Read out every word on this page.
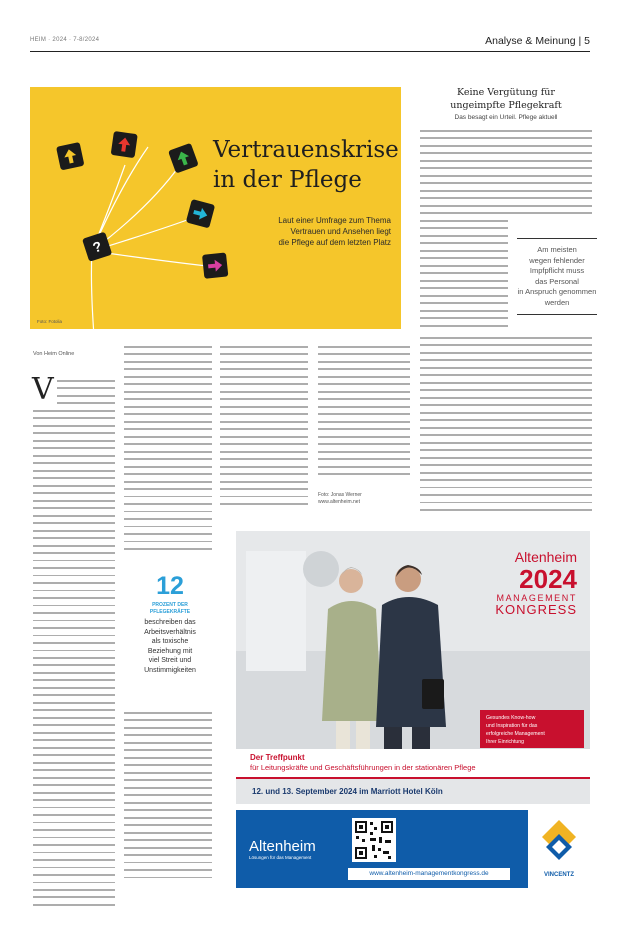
HEIM · 2024 · 7-8/2024	Analyse & Meinung | 5
?
Vertrauenskrise
in der Pflege
Laut einer Umfrage zum Thema
Vertrauen und Ansehen liegt
die Pflege auf dem letzten Platz
Foto: Fotolia
Keine Vergütung für
ungeimpfte Pflegekraft
Das besagt ein Urteil. Pflege aktuell
Am meisten
wegen fehlender
Impfpflicht muss
das Personal
in Anspruch genommen
werden
Von Heim Online
V
Foto: Jonas Werner
www.altenheim.net
12
PROZENT DER
PFLEGEKRÄFTE
beschreiben das
Arbeitsverhältnis
als toxische
Beziehung mit
viel Streit und
Unstimmigkeiten
Altenheim
2024
MANAGEMENT
KONGRESS
Gesundes Know-how
und Inspiration für das
erfolgreiche Management
Ihrer Einrichtung
Der Treffpunkt
für Leitungskräfte und Geschäftsführungen in der stationären Pflege
12. und 13. September 2024 im Marriott Hotel Köln
Altenheim
Lösungen für das Management
www.altenheim-managementkongress.de	VINCENTZ
